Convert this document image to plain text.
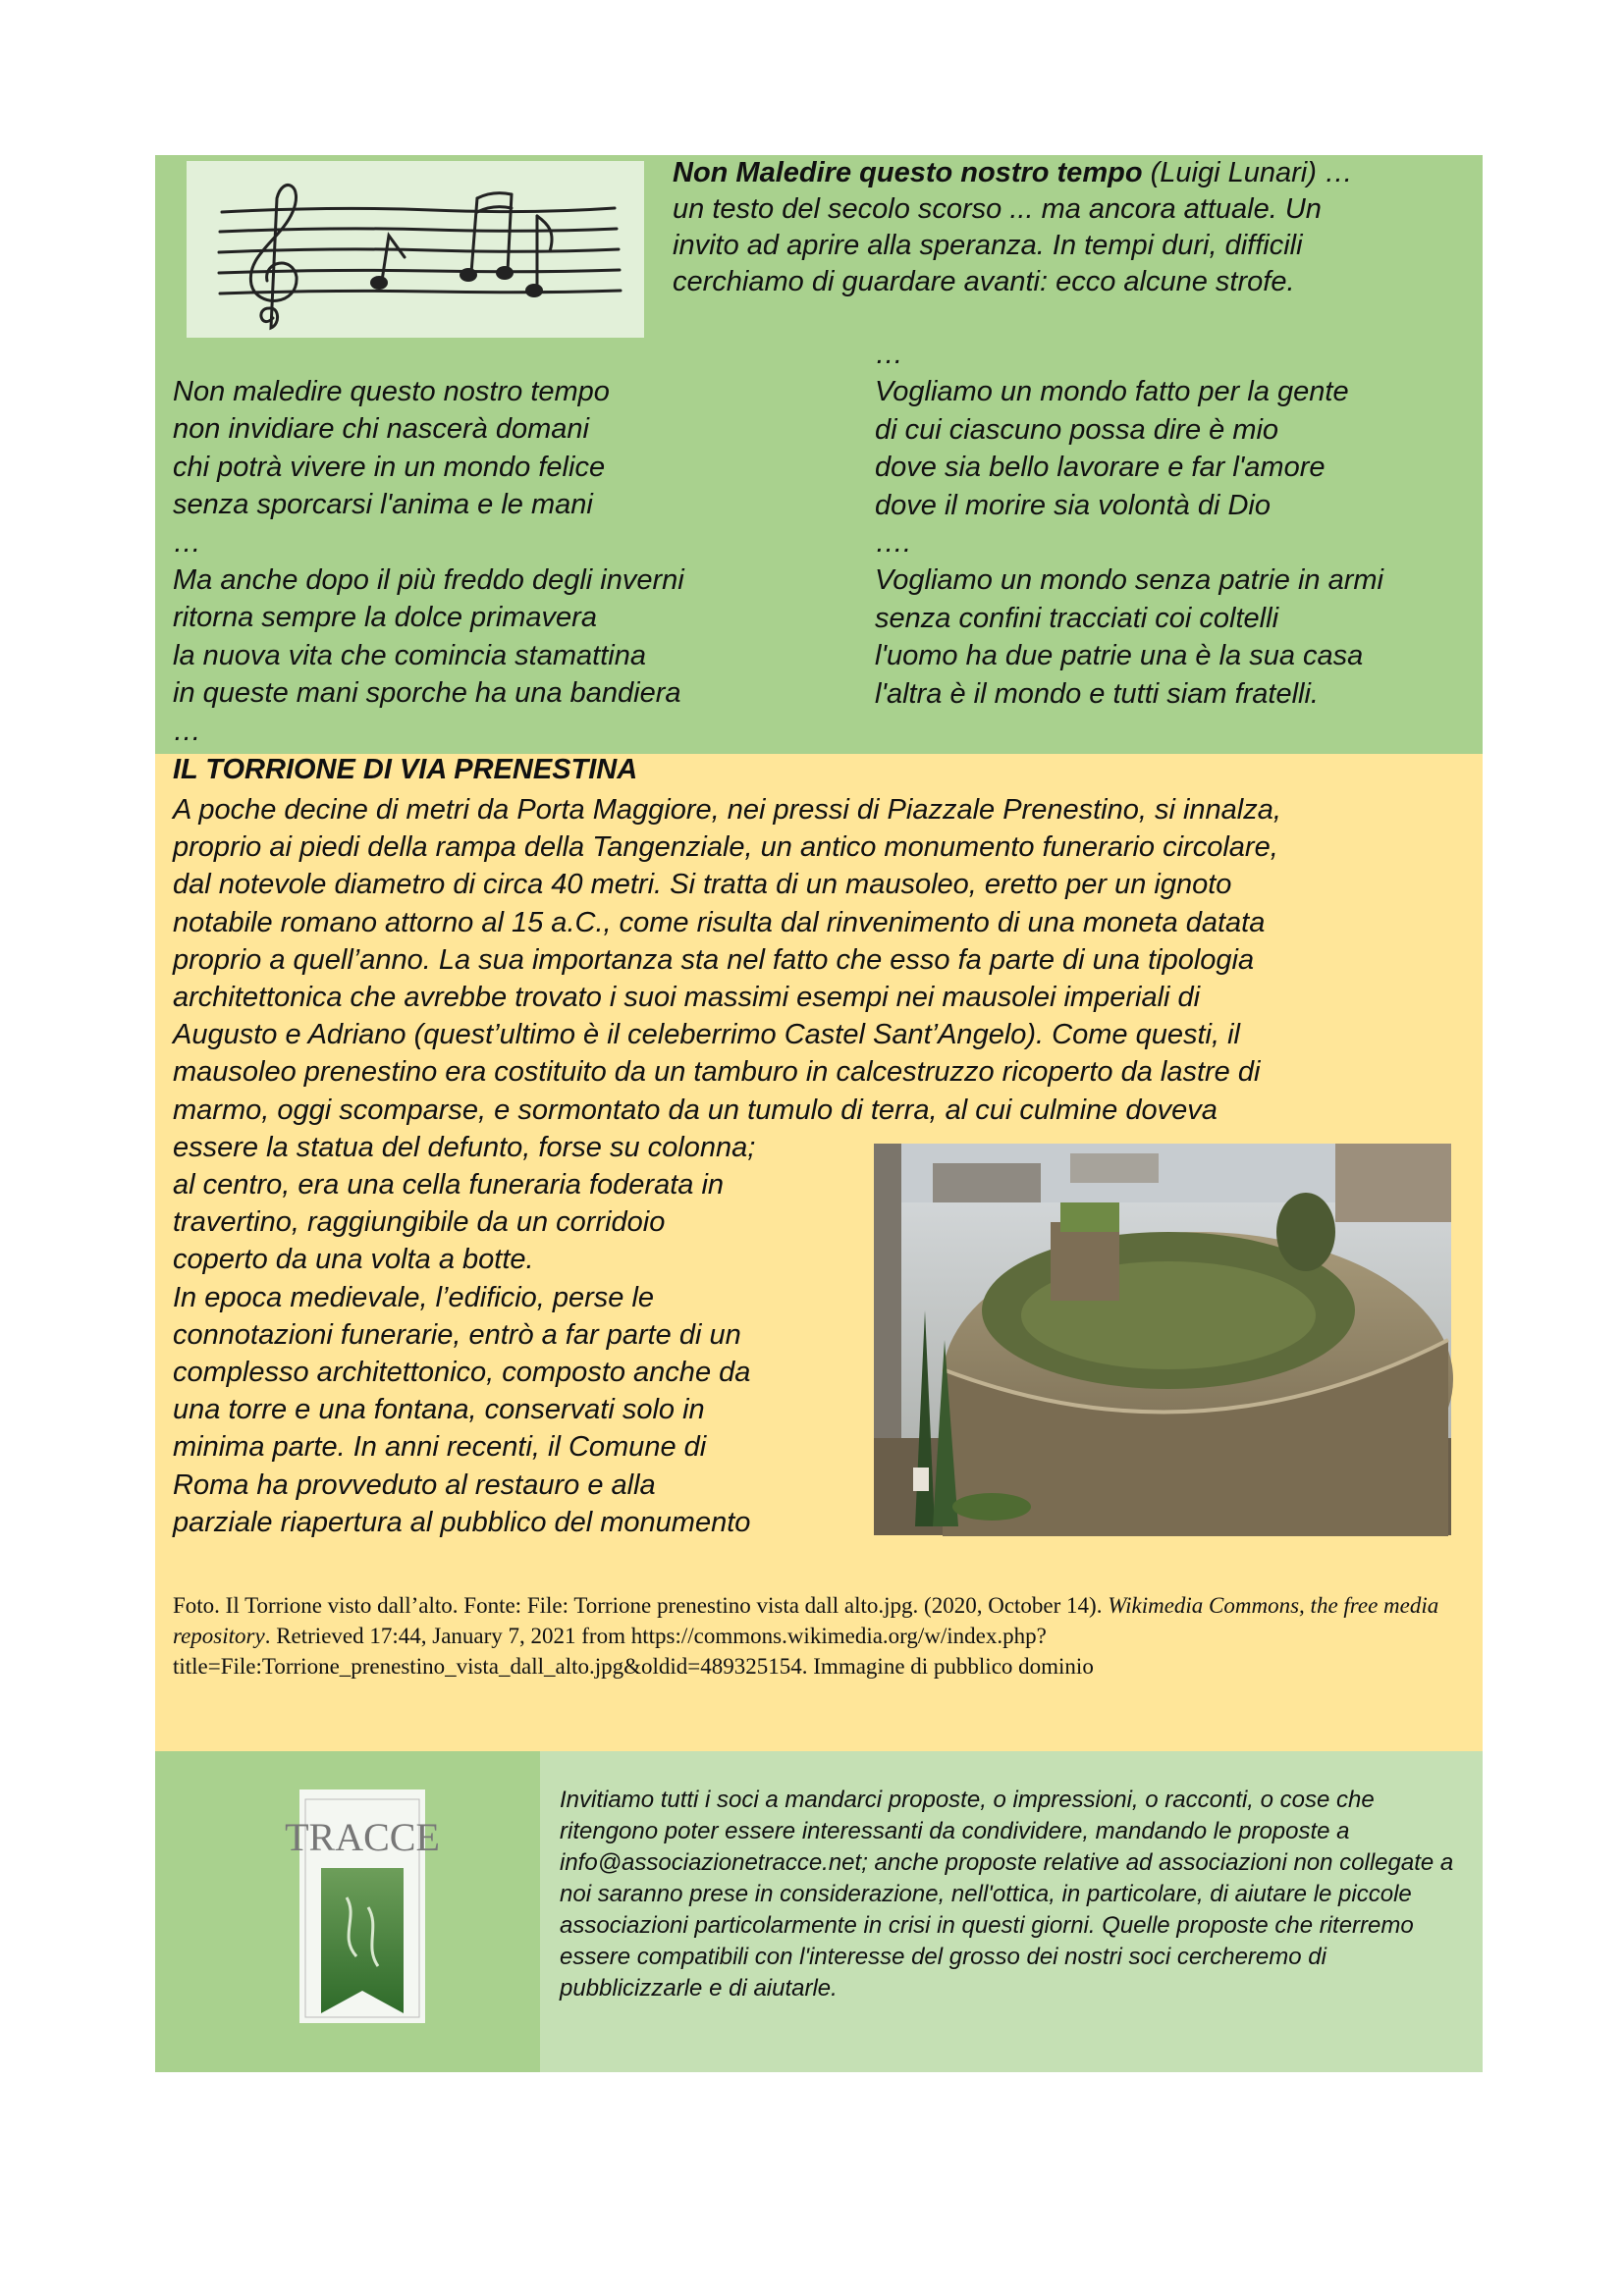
Non Maledire questo nostro tempo (Luigi Lunari) …
un testo del secolo scorso ... ma ancora attuale. Un
invito ad aprire alla speranza. In tempi duri, difficili
cerchiamo di guardare avanti: ecco alcune strofe.
Non maledire questo nostro tempo
non invidiare chi nascerà domani
chi potrà vivere in un mondo felice
senza sporcarsi l'anima e le mani
…
Ma anche dopo il più freddo degli inverni
ritorna sempre la dolce primavera
la nuova vita che comincia stamattina
in queste mani sporche ha una bandiera
…
…
Vogliamo un mondo fatto per la gente
di cui ciascuno possa dire è mio
dove sia bello lavorare e far l'amore
dove il morire sia volontà di Dio
….
Vogliamo un mondo senza patrie in armi
senza confini tracciati coi coltelli
l'uomo ha due patrie una è la sua casa
l'altra è il mondo e tutti siam fratelli.
IL TORRIONE DI VIA PRENESTINA
A poche decine di metri da Porta Maggiore, nei pressi di Piazzale Prenestino, si innalza,
proprio ai piedi della rampa della Tangenziale, un antico monumento funerario circolare,
dal notevole diametro di circa 40 metri. Si tratta di un mausoleo, eretto per un ignoto
notabile romano attorno al 15 a.C., come risulta dal rinvenimento di una moneta datata
proprio a quell’anno. La sua importanza sta nel fatto che esso fa parte di una tipologia
architettonica che avrebbe trovato i suoi massimi esempi nei mausolei imperiali di
Augusto e Adriano (quest’ultimo è il celeberrimo Castel Sant’Angelo). Come questi, il
mausoleo prenestino era costituito da un tamburo in calcestruzzo ricoperto da lastre di
marmo, oggi scomparse, e sormontato da un tumulo di terra, al cui culmine doveva
essere la statua del defunto, forse su colonna;
al centro, era una cella funeraria foderata in
travertino, raggiungibile da un corridoio
coperto da una volta a botte.
In epoca medievale, l’edificio, perse le
connotazioni funerarie, entrò a far parte di un
complesso architettonico, composto anche da
una torre e una fontana, conservati solo in
minima parte. In anni recenti, il Comune di
Roma ha provveduto al restauro e alla
parziale riapertura al pubblico del monumento
Foto. Il Torrione visto dall’alto. Fonte: File: Torrione prenestino vista dall alto.jpg. (2020, October 14). Wikimedia Commons, the free media repository. Retrieved 17:44, January 7, 2021 from https://commons.wikimedia.org/w/index.php?title=File:Torrione_prenestino_vista_dall_alto.jpg&oldid=489325154. Immagine di pubblico dominio
TRACCE
Invitiamo tutti i soci a mandarci proposte, o impressioni, o racconti, o cose che ritengono poter essere interessanti da condividere, mandando le proposte a info@associazionetracce.net; anche proposte relative ad associazioni non collegate a noi saranno prese in considerazione, nell'ottica, in particolare, di aiutare le piccole associazioni particolarmente in crisi in questi giorni. Quelle proposte che riterremo essere compatibili con l'interesse del grosso dei nostri soci cercheremo di pubblicizzarle e di aiutarle.
